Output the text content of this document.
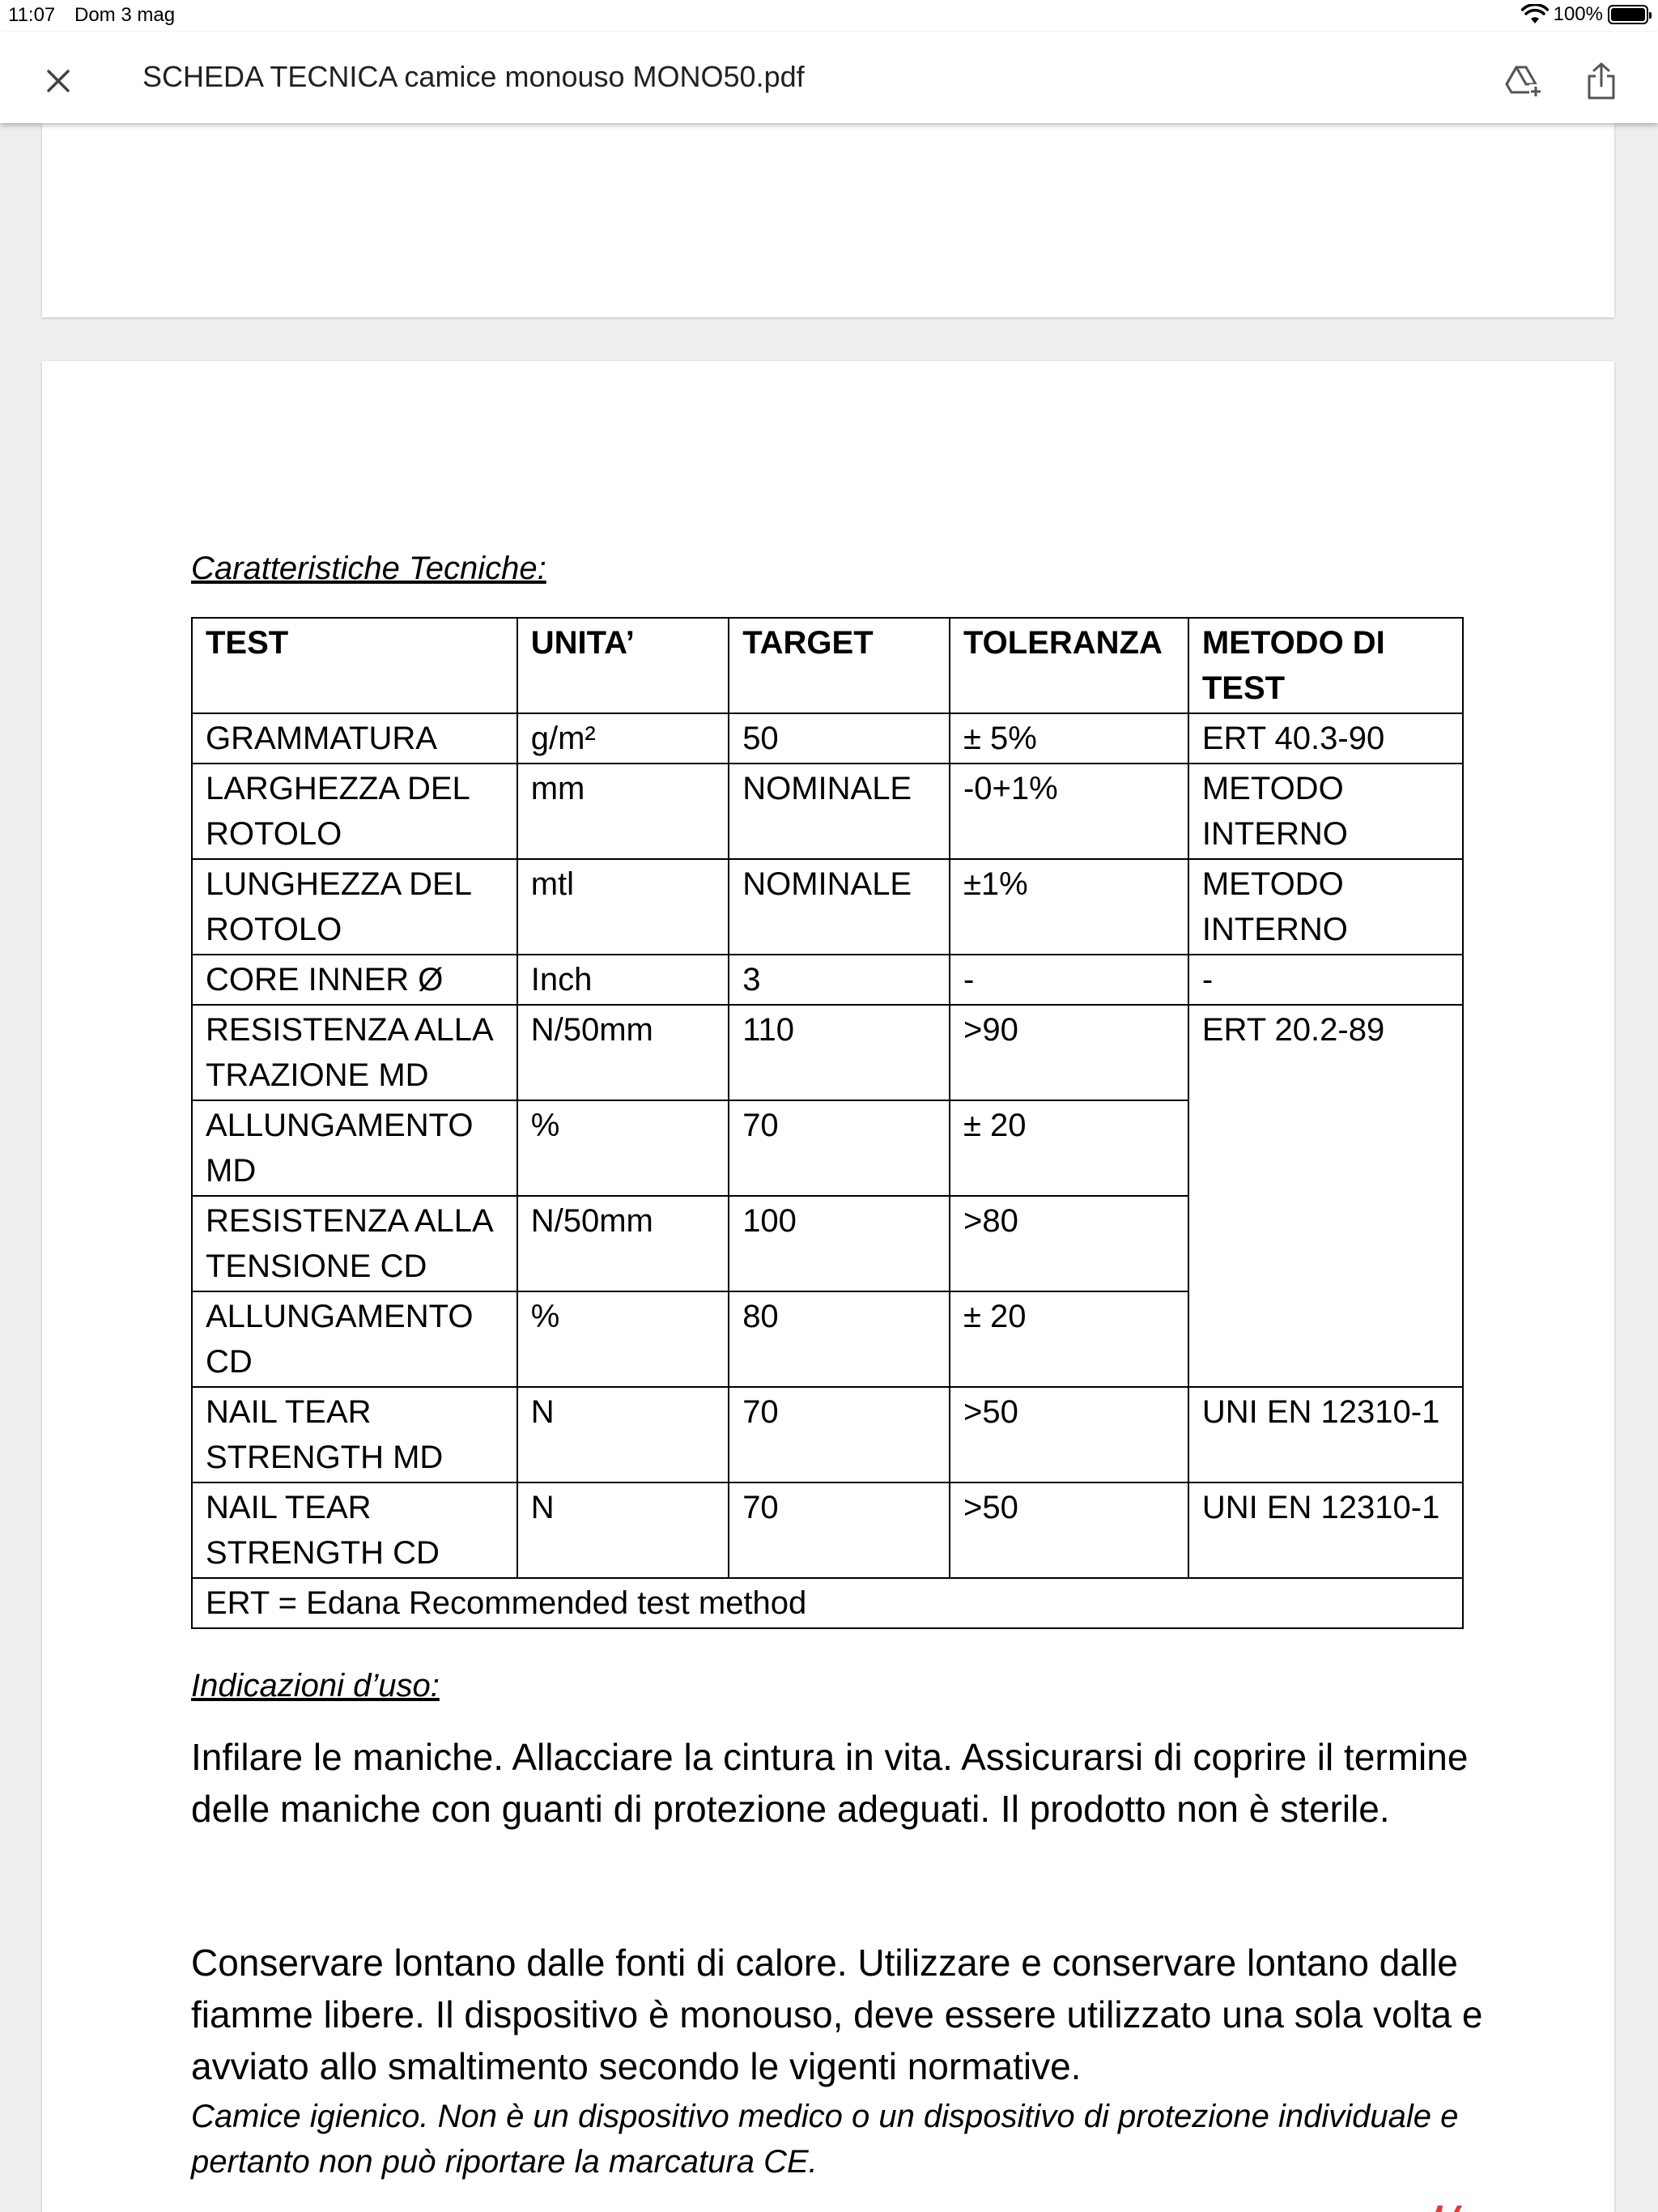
11:07 Dom 3 mag	100%
SCHEDA TECNICA camice monouso MONO50.pdf
Caratteristiche Tecniche:
TEST	UNITA’	TARGET	TOLERANZA	METODO DI TEST
GRAMMATURA	g/m²	50	± 5%	ERT 40.3-90
LARGHEZZA DEL ROTOLO	mm	NOMINALE	-0+1%	METODO INTERNO
LUNGHEZZA DEL ROTOLO	mtl	NOMINALE	±1%	METODO INTERNO
CORE INNER Ø	Inch	3	-	-
RESISTENZA ALLA TRAZIONE MD	N/50mm	110	>90	ERT 20.2-89
ALLUNGAMENTO MD	%	70	± 20	
RESISTENZA ALLA TENSIONE CD	N/50mm	100	>80	
ALLUNGAMENTO CD	%	80	± 20	
NAIL TEAR STRENGTH MD	N	70	>50	UNI EN 12310-1
NAIL TEAR STRENGTH CD	N	70	>50	UNI EN 12310-1
ERT = Edana Recommended test method				
Indicazioni d’uso:
Infilare le maniche. Allacciare la cintura in vita. Assicurarsi di coprire il termine delle maniche con guanti di protezione adeguati. Il prodotto non è sterile.
Conservare lontano dalle fonti di calore. Utilizzare e conservare lontano dalle fiamme libere. Il dispositivo è monouso, deve essere utilizzato una sola volta e avviato allo smaltimento secondo le vigenti normative.
Camice igienico. Non è un dispositivo medico o un dispositivo di protezione individuale e pertanto non può riportare la marcatura CE.
